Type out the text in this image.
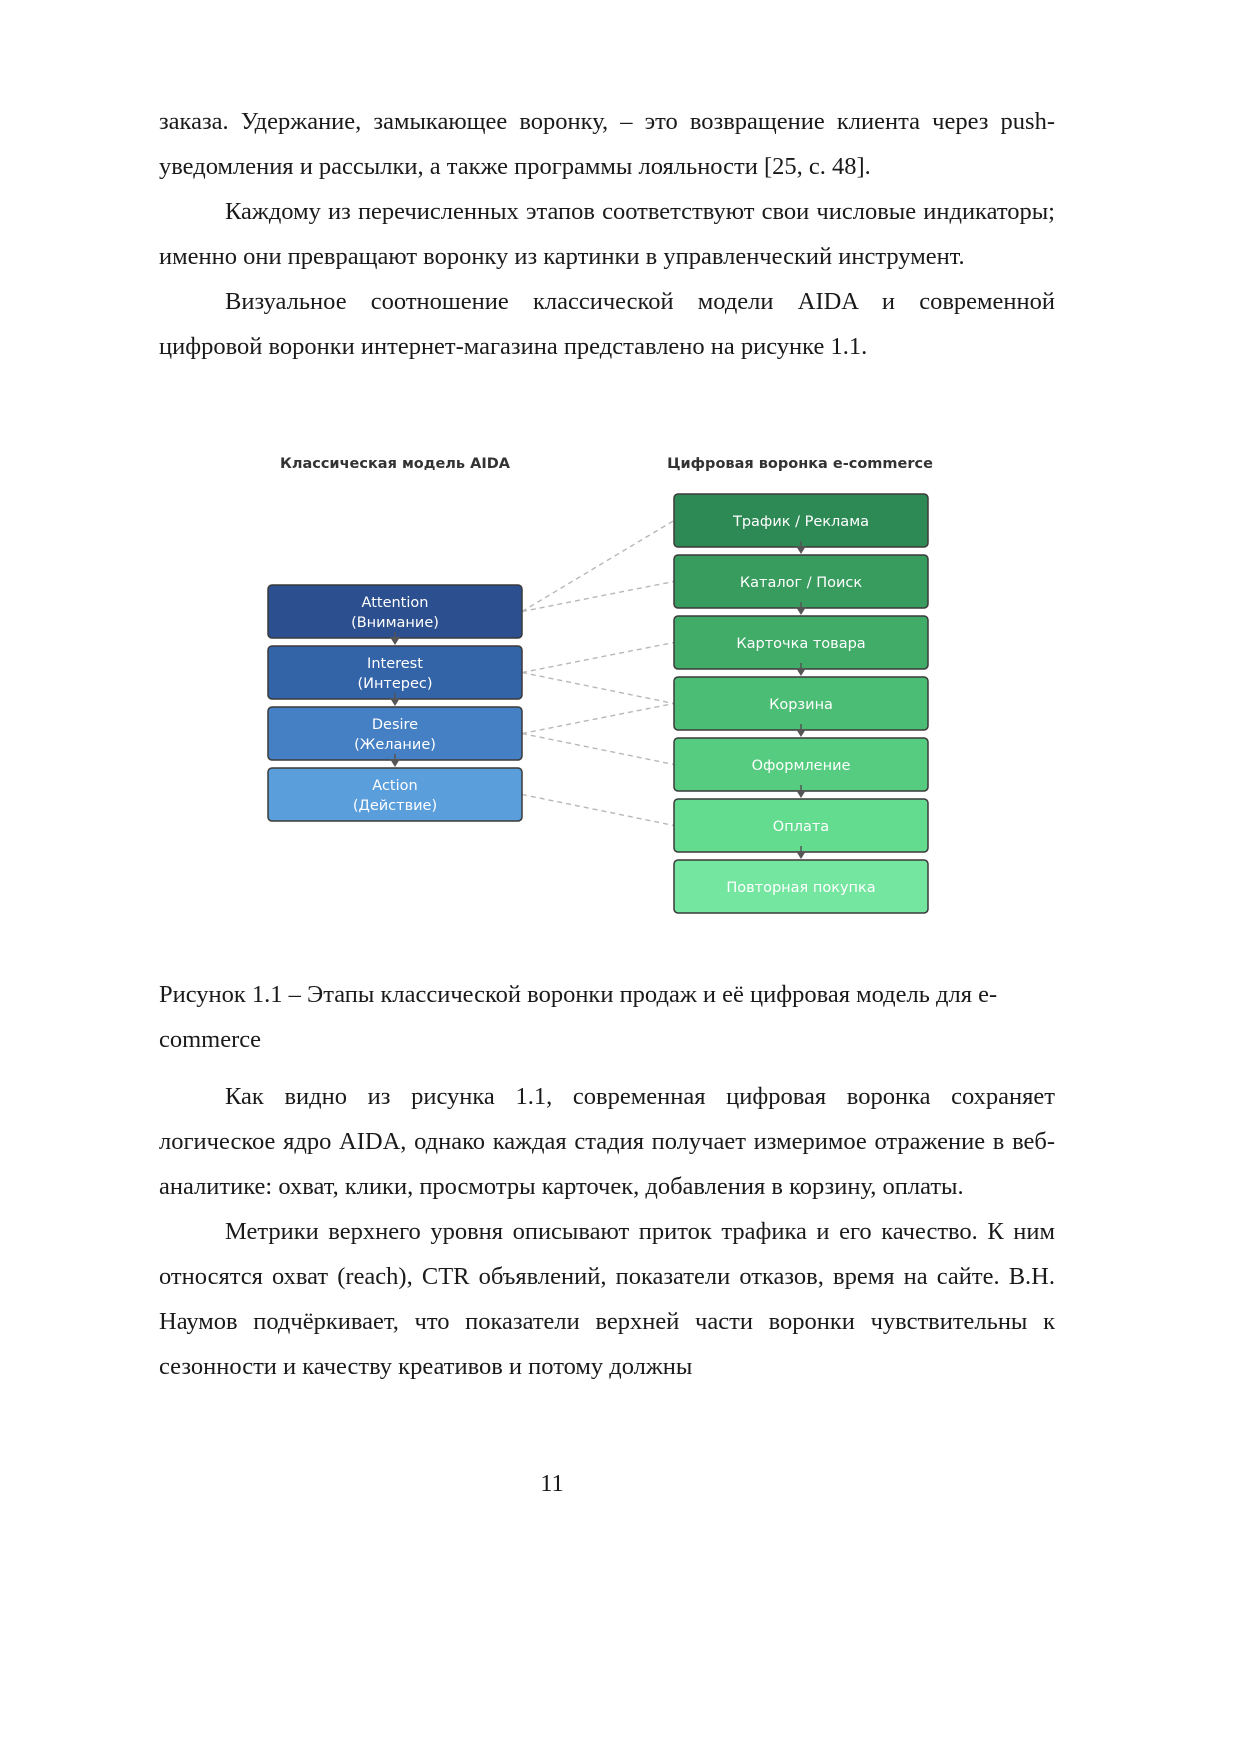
заказа. Удержание, замыкающее воронку, – это возвращение клиента через push-уведомления и рассылки, а также программы лояльности [25, с. 48].

Каждому из перечисленных этапов соответствуют свои числовые индикаторы; именно они превращают воронку из картинки в управленческий инструмент.

Визуальное соотношение классической модели AIDA и современной цифровой воронки интернет-магазина представлено на рисунке 1.1.

Классическая модель AIDA	Цифровая воронка e-commerce
Attention
(Внимание)
Interest
(Интерес)
Desire
(Желание)
Action
(Действие)
Трафик / Реклама
Каталог / Поиск
Карточка товара
Корзина
Оформление
Оплата
Повторная покупка
Рисунок 1.1 – Этапы классической воронки продаж и её цифровая модель для e-commerce

Как видно из рисунка 1.1, современная цифровая воронка сохраняет логическое ядро AIDA, однако каждая стадия получает измеримое отражение в веб-аналитике: охват, клики, просмотры карточек, добавления в корзину, оплаты.

Метрики верхнего уровня описывают приток трафика и его качество. К ним относятся охват (reach), CTR объявлений, показатели отказов, время на сайте. В.Н. Наумов подчёркивает, что показатели верхней части воронки чувствительны к сезонности и качеству креативов и потому должны

11
